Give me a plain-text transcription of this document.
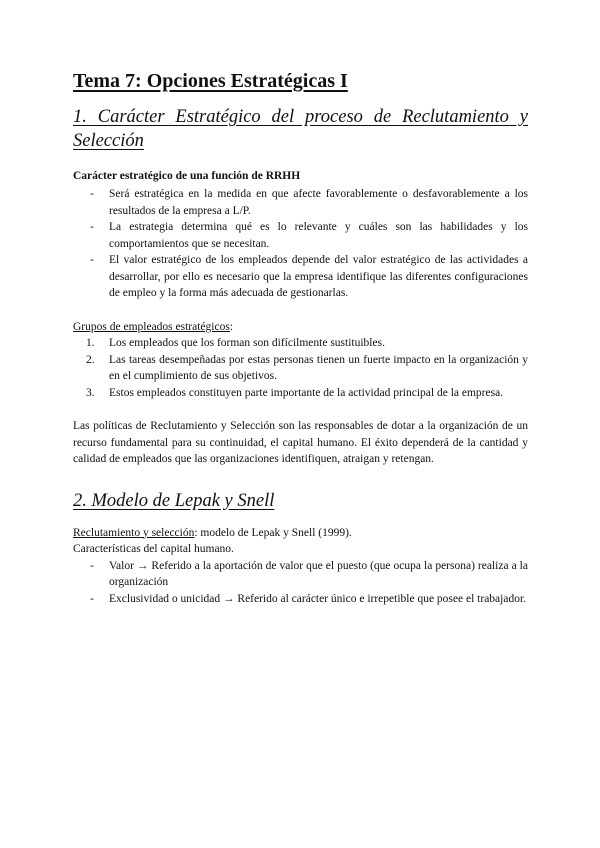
Tema 7: Opciones Estratégicas I
1. Carácter Estratégico del proceso de Reclutamiento y Selección
Carácter estratégico de una función de RRHH
- Será estratégica en la medida en que afecte favorablemente o desfavorablemente a los resultados de la empresa a L/P.
- La estrategia determina qué es lo relevante y cuáles son las habilidades y los comportamientos que se necesitan.
- El valor estratégico de los empleados depende del valor estratégico de las actividades a desarrollar, por ello es necesario que la empresa identifique las diferentes configuraciones de empleo y la forma más adecuada de gestionarlas.

Grupos de empleados estratégicos:

1. Los empleados que los forman son difícilmente sustituibles.
2. Las tareas desempeñadas por estas personas tienen un fuerte impacto en la organización y en el cumplimiento de sus objetivos.
3. Estos empleados constituyen parte importante de la actividad principal de la empresa.

Las políticas de Reclutamiento y Selección son las responsables de dotar a la organización de un recurso fundamental para su continuidad, el capital humano. El éxito dependerá de la cantidad y calidad de empleados que las organizaciones identifiquen, atraigan y retengan.

2. Modelo de Lepak y Snell

Reclutamiento y selección: modelo de Lepak y Snell (1999).

Características del capital humano.

- Valor → Referido a la aportación de valor que el puesto (que ocupa la persona) realiza a la organización
- Exclusividad o unicidad → Referido al carácter único e irrepetible que posee el trabajador.
